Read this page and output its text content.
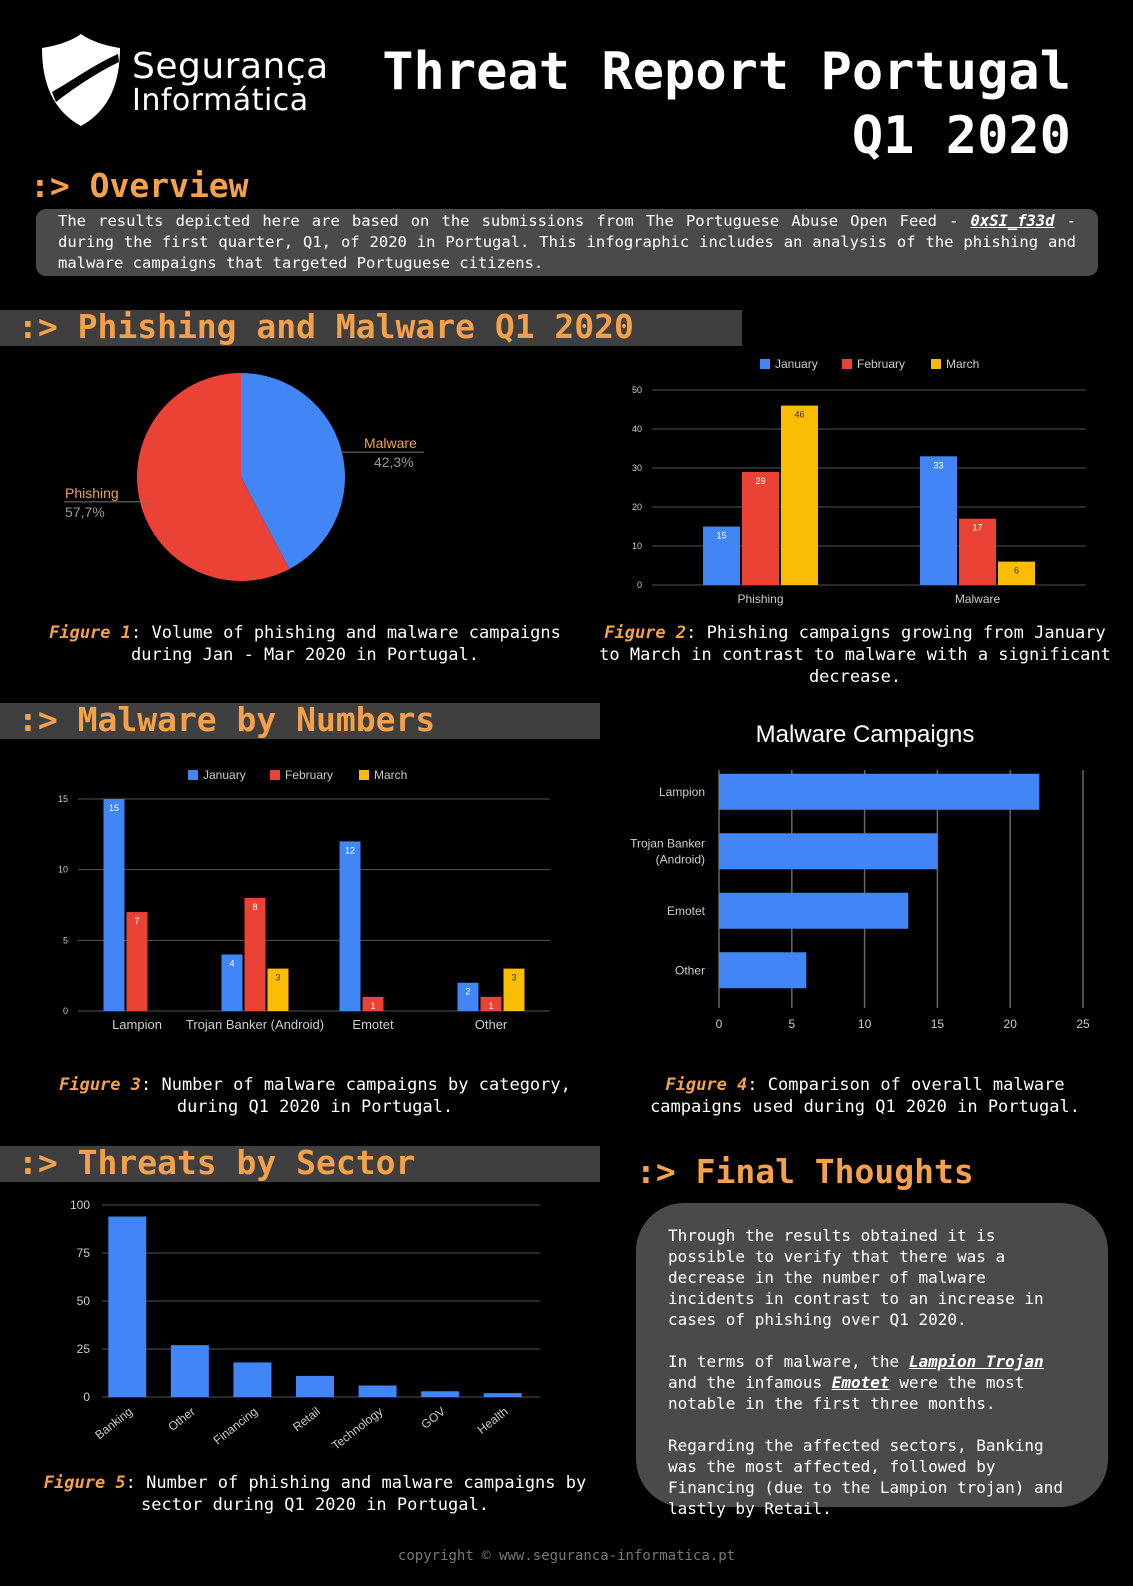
Segurança
Informática Threat Report Portugal
Q1 2020
:> Overview
The results depicted here are based on the submissions from The Portuguese Abuse Open Feed - 0xSI_f33d - during the first quarter, Q1, of 2020 in Portugal. This infographic includes an analysis of the phishing and malware campaigns that targeted Portuguese citizens.
:> Phishing and Malware Q1 2020
Malware
42,3%
Phishing
57,7%
Figure 1: Volume of phishing and malware campaigns during Jan - Mar 2020 in Portugal.
January	February	March
0
10
20
30
40
50
15
29
46
Phishing
33
17
6
Malware
Figure 2: Phishing campaigns growing from January to March in contrast to malware with a significant decrease.
:> Malware by Numbers
January	February	March
0
5
10
15
15
7
Lampion
4
8
3
Trojan Banker (Android)
12
1
Emotet
2
1
3
Other
Figure 3: Number of malware campaigns by category, during Q1 2020 in Portugal.
Malware Campaigns
0	5	10	15	20	25
Lampion
Trojan Banker
(Android)
Emotet
Other
Figure 4: Comparison of overall malware campaigns used during Q1 2020 in Portugal.
:> Threats by Sector
0
25
50
75
100
Banking	Other Financing Retail Technology	GOV Health
Figure 5: Number of phishing and malware campaigns by sector during Q1 2020 in Portugal.
:> Final Thoughts

Through the results obtained it is possible to verify that there was a decrease in the number of malware incidents in contrast to an increase in cases of phishing over Q1 2020.

In terms of malware, the Lampion Trojan and the infamous Emotet were the most notable in the first three months.

Regarding the affected sectors, Banking was the most affected, followed by Financing (due to the Lampion trojan) and lastly by Retail.

copyright © www.seguranca-informatica.pt
